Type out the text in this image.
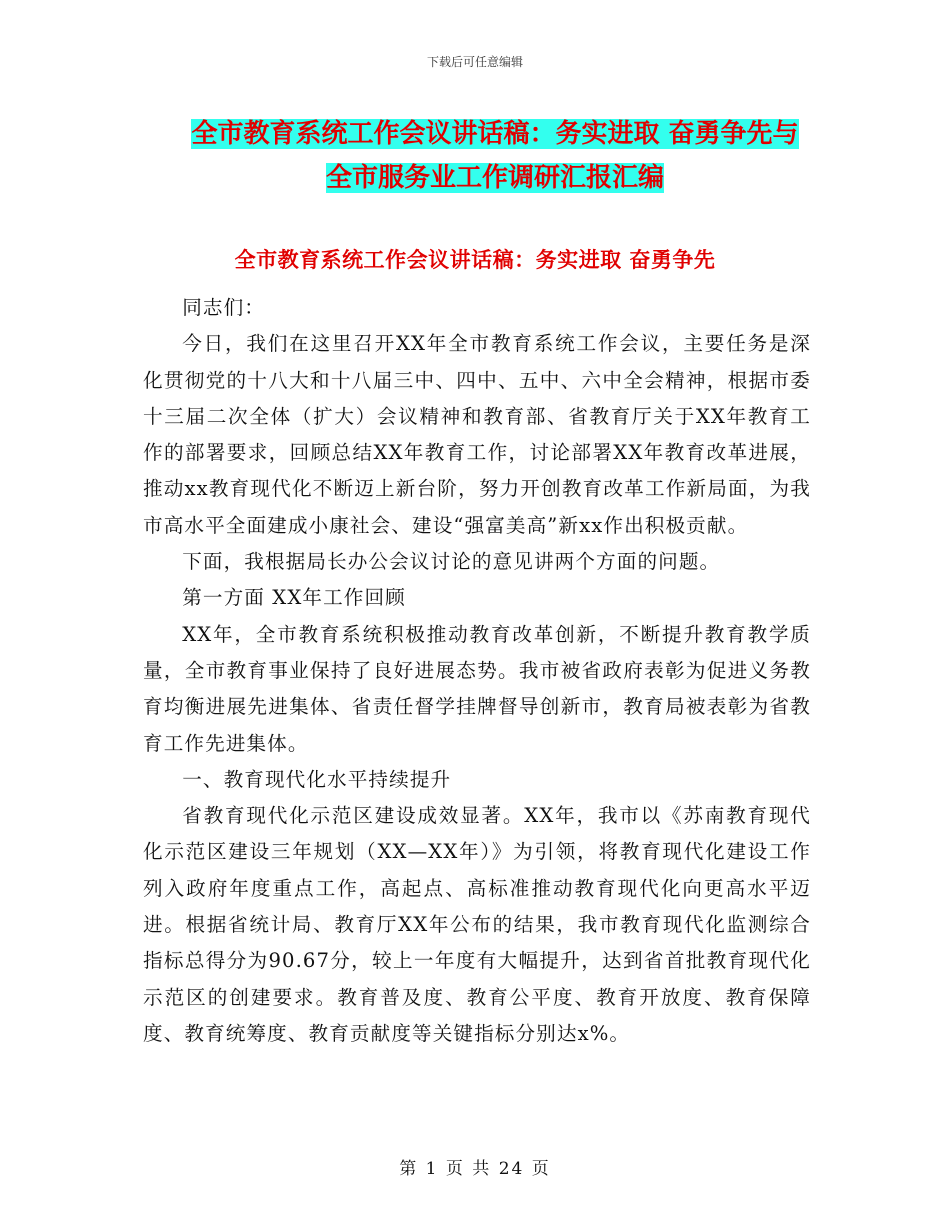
下载后可任意编辑
全市教育系统工作会议讲话稿：务实进取 奋勇争先与
全市服务业工作调研汇报汇编
全市教育系统工作会议讲话稿：务实进取 奋勇争先

同志们：

今日，我们在这里召开XX年全市教育系统工作会议，主要任务是深化贯彻党的十八大和十八届三中、四中、五中、六中全会精神，根据市委十三届二次全体（扩大）会议精神和教育部、省教育厅关于XX年教育工作的部署要求，回顾总结XX年教育工作，讨论部署XX年教育改革进展，推动xx教育现代化不断迈上新台阶，努力开创教育改革工作新局面，为我市高水平全面建成小康社会、建设“强富美高”新xx作出积极贡献。

下面，我根据局长办公会议讨论的意见讲两个方面的问题。

第一方面 XX年工作回顾

XX年，全市教育系统积极推动教育改革创新，不断提升教育教学质量，全市教育事业保持了良好进展态势。我市被省政府表彰为促进义务教育均衡进展先进集体、省责任督学挂牌督导创新市，教育局被表彰为省教育工作先进集体。

一、教育现代化水平持续提升

省教育现代化示范区建设成效显著。XX年，我市以《苏南教育现代化示范区建设三年规划（XX—XX年）》为引领，将教育现代化建设工作列入政府年度重点工作，高起点、高标准推动教育现代化向更高水平迈进。根据省统计局、教育厅XX年公布的结果，我市教育现代化监测综合指标总得分为90.67分，较上一年度有大幅提升，达到省首批教育现代化示范区的创建要求。教育普及度、教育公平度、教育开放度、教育保障度、教育统筹度、教育贡献度等关键指标分别达x%。

第 1 页 共 24 页
